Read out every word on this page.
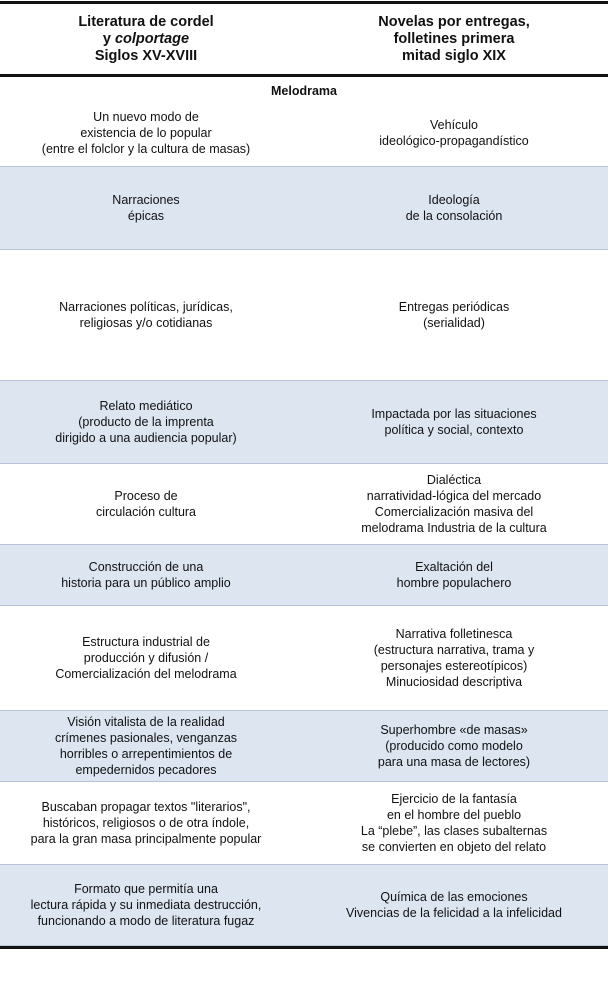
Literatura de cordel
y colportage
Siglos XV-XVIII
Novelas por entregas,
folletines primera
mitad siglo XIX
Melodrama
Un nuevo modo de
existencia de lo popular
(entre el folclor y la cultura de masas)
Vehículo
ideológico-propagandístico
Narraciones
épicas
Ideología
de la consolación
Narraciones políticas, jurídicas,
religiosas y/o cotidianas
Entregas periódicas
(serialidad)
Relato mediático
(producto de la imprenta
dirigido a una audiencia popular)
Impactada por las situaciones
política y social, contexto
Proceso de
circulación cultura
Dialéctica
narratividad-lógica del mercado
Comercialización masiva del
melodrama Industria de la cultura
Construcción de una
historia para un público amplio
Exaltación del
hombre populachero
Estructura industrial de
producción y difusión /
Comercialización del melodrama
Narrativa folletinesca
(estructura narrativa, trama y
personajes estereotípicos)
Minuciosidad descriptiva
Visión vitalista de la realidad
crímenes pasionales, venganzas
horribles o arrepentimientos de
empedernidos pecadores
Superhombre «de masas»
(producido como modelo
para una masa de lectores)
Buscaban propagar textos "literarios",
históricos, religiosos o de otra índole,
para la gran masa principalmente popular
Ejercicio de la fantasía
en el hombre del pueblo
La “plebe”, las clases subalternas
se convierten en objeto del relato
Formato que permitía una
lectura rápida y su inmediata destrucción,
funcionando a modo de literatura fugaz
Química de las emociones
Vivencias de la felicidad a la infelicidad
